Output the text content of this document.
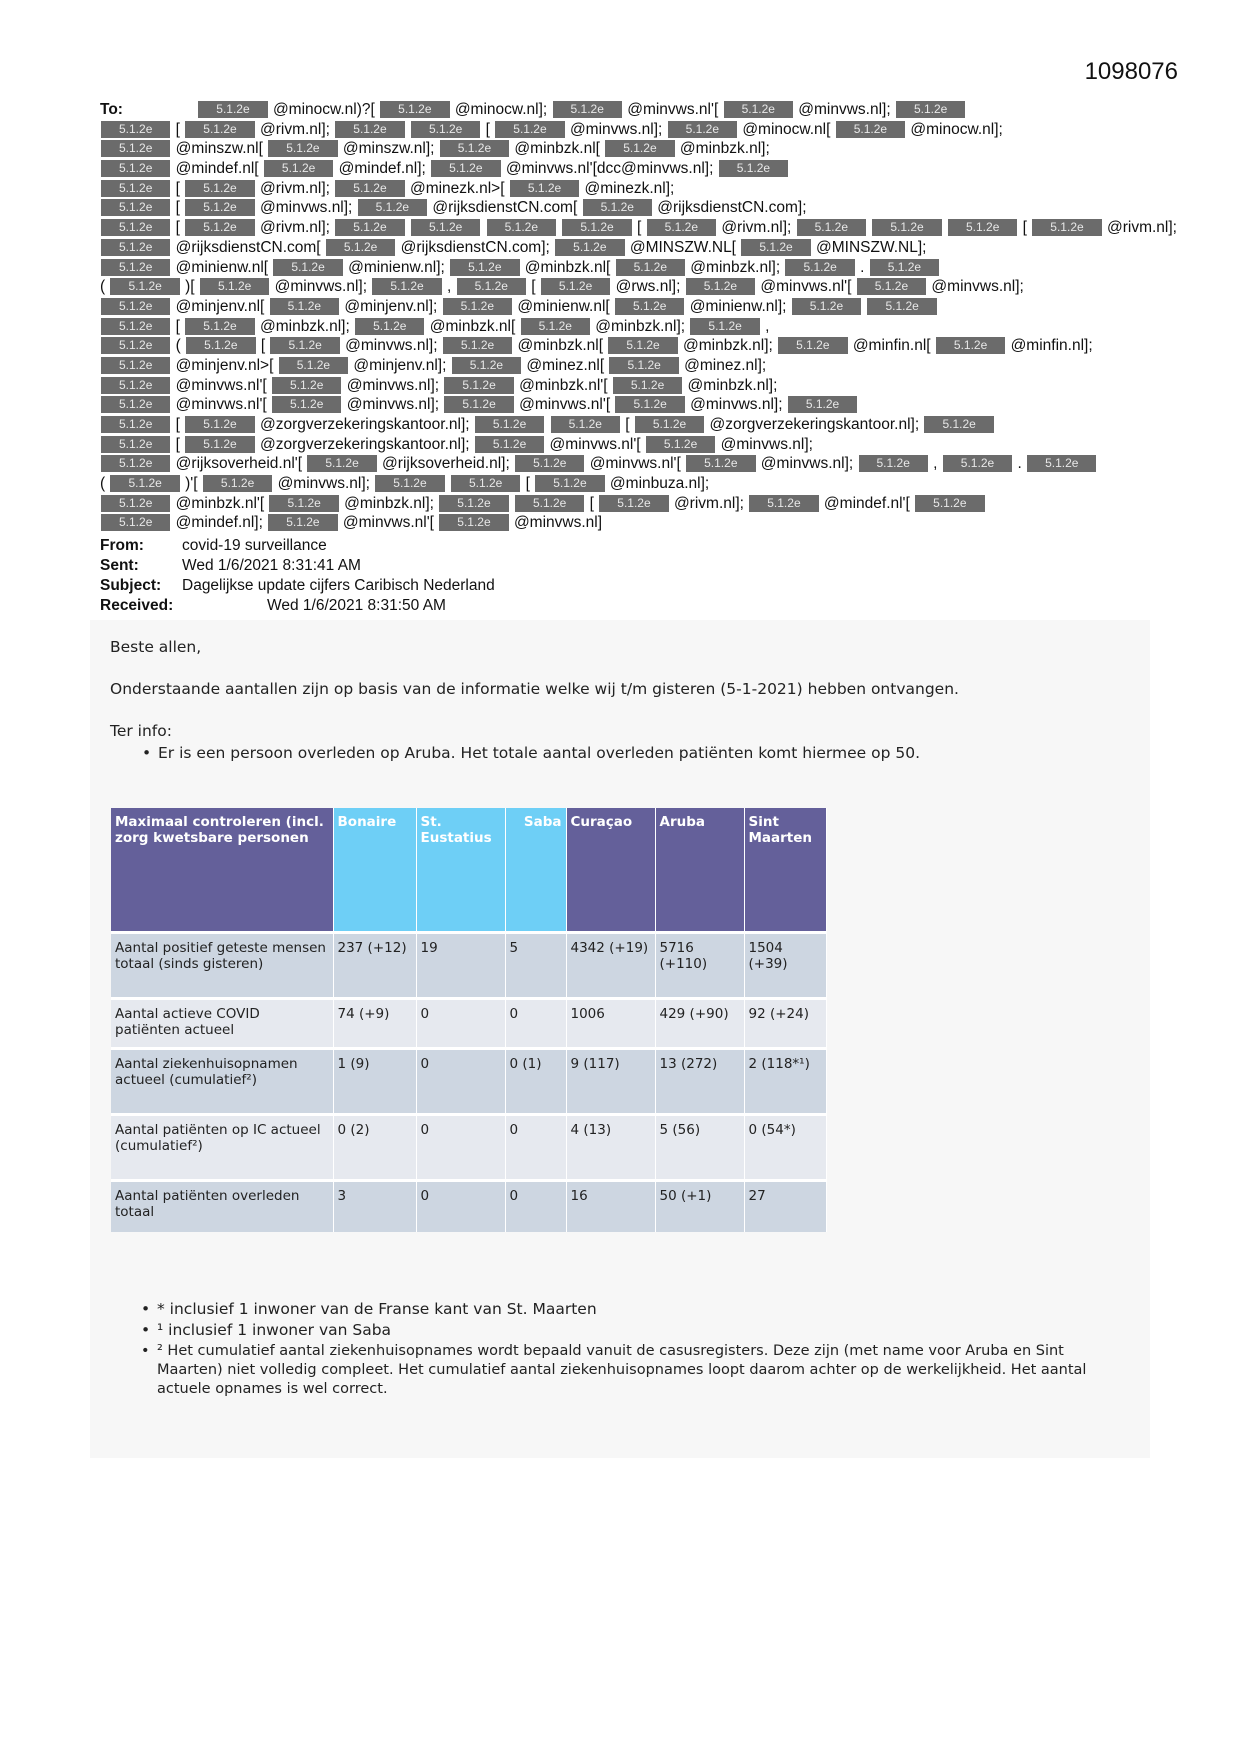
1098076
To:	5.1.2e @minocw.nl)?[ 5.1.2e @minocw.nl]; 5.1.2e @minvws.nl'[ 5.1.2e @minvws.nl]; 5.1.2e
5.1.2e [ 5.1.2e @rivm.nl]; 5.1.2e	5.1.2e [ 5.1.2e @minvws.nl]; 5.1.2e @minocw.nl[ 5.1.2e @minocw.nl];
5.1.2e @minszw.nl[ 5.1.2e @minszw.nl]; 5.1.2e @minbzk.nl[ 5.1.2e @minbzk.nl];
5.1.2e @mindef.nl[ 5.1.2e @mindef.nl]; 5.1.2e @minvws.nl'[dcc@minvws.nl]; 5.1.2e
5.1.2e [ 5.1.2e @rivm.nl]; 5.1.2e @minezk.nl>[ 5.1.2e @minezk.nl];
5.1.2e [ 5.1.2e @minvws.nl]; 5.1.2e @rijksdienstCN.com[ 5.1.2e @rijksdienstCN.com];
5.1.2e [ 5.1.2e @rivm.nl]; 5.1.2e	5.1.2e	5.1.2e	5.1.2e [ 5.1.2e @rivm.nl]; 5.1.2e	5.1.2e	5.1.2e [ 5.1.2e @rivm.nl];
5.1.2e @rijksdienstCN.com[ 5.1.2e @rijksdienstCN.com]; 5.1.2e @MINSZW.NL[ 5.1.2e @MINSZW.NL];
5.1.2e @minienw.nl[ 5.1.2e @minienw.nl]; 5.1.2e @minbzk.nl[ 5.1.2e @minbzk.nl]; 5.1.2e . 5.1.2e
( 5.1.2e )[ 5.1.2e @minvws.nl]; 5.1.2e , 5.1.2e [ 5.1.2e @rws.nl]; 5.1.2e @minvws.nl'[ 5.1.2e @minvws.nl];
5.1.2e @minjenv.nl[ 5.1.2e @minjenv.nl]; 5.1.2e @minienw.nl[ 5.1.2e @minienw.nl]; 5.1.2e	5.1.2e
5.1.2e [ 5.1.2e @minbzk.nl]; 5.1.2e @minbzk.nl[ 5.1.2e @minbzk.nl]; 5.1.2e ,
5.1.2e ( 5.1.2e [ 5.1.2e @minvws.nl]; 5.1.2e @minbzk.nl[ 5.1.2e @minbzk.nl]; 5.1.2e @minfin.nl[ 5.1.2e @minfin.nl];
5.1.2e @minjenv.nl>[ 5.1.2e @minjenv.nl]; 5.1.2e @minez.nl[ 5.1.2e @minez.nl];
5.1.2e @minvws.nl'[ 5.1.2e @minvws.nl]; 5.1.2e @minbzk.nl'[ 5.1.2e @minbzk.nl];
5.1.2e @minvws.nl'[ 5.1.2e @minvws.nl]; 5.1.2e @minvws.nl'[ 5.1.2e @minvws.nl]; 5.1.2e
5.1.2e [ 5.1.2e @zorgverzekeringskantoor.nl]; 5.1.2e	5.1.2e [ 5.1.2e @zorgverzekeringskantoor.nl]; 5.1.2e
5.1.2e [ 5.1.2e @zorgverzekeringskantoor.nl]; 5.1.2e @minvws.nl'[ 5.1.2e @minvws.nl];
5.1.2e @rijksoverheid.nl'[ 5.1.2e @rijksoverheid.nl]; 5.1.2e @minvws.nl'[ 5.1.2e @minvws.nl]; 5.1.2e , 5.1.2e . 5.1.2e
( 5.1.2e )'[ 5.1.2e @minvws.nl]; 5.1.2e	5.1.2e [ 5.1.2e @minbuza.nl];
5.1.2e @minbzk.nl'[ 5.1.2e @minbzk.nl]; 5.1.2e	5.1.2e [ 5.1.2e @rivm.nl]; 5.1.2e @mindef.nl'[ 5.1.2e
5.1.2e @mindef.nl]; 5.1.2e @minvws.nl'[ 5.1.2e @minvws.nl]
From: covid-19 surveillance
Sent:	Wed 1/6/2021 8:31:41 AM
Subject: Dagelijkse update cijfers Caribisch Nederland
Received:	Wed 1/6/2021 8:31:50 AM
Beste allen,
Onderstaande aantallen zijn op basis van de informatie welke wij t/m gisteren (5-1-2021) hebben ontvangen.
Ter info:
• Er is een persoon overleden op Aruba. Het totale aantal overleden patiënten komt hiermee op 50.
Maximaal controleren (incl. zorg kwetsbare personen	Bonaire	St. Eustatius	Saba	Curaçao	Aruba	Sint Maarten
Aantal positief geteste mensen totaal (sinds gisteren)	237 (+12)	19	5	4342 (+19)	5716 (+110)	1504 (+39)
Aantal actieve COVID patiënten actueel	74 (+9)	0	0	1006	429 (+90)	92 (+24)
Aantal ziekenhuisopnamen actueel (cumulatief²)	1 (9)	0	0 (1)	9 (117)	13 (272)	2 (118*¹)
Aantal patiënten op IC actueel (cumulatief²)	0 (2)	0	0	4 (13)	5 (56)	0 (54*)
Aantal patiënten overleden totaal	3	0	0	16	50 (+1)	27
• * inclusief 1 inwoner van de Franse kant van St. Maarten
• ¹ inclusief 1 inwoner van Saba
• ² Het cumulatief aantal ziekenhuisopnames wordt bepaald vanuit de casusregisters. Deze zijn (met name voor Aruba en Sint Maarten) niet volledig compleet. Het cumulatief aantal ziekenhuisopnames loopt daarom achter op de werkelijkheid. Het aantal actuele opnames is wel correct.
